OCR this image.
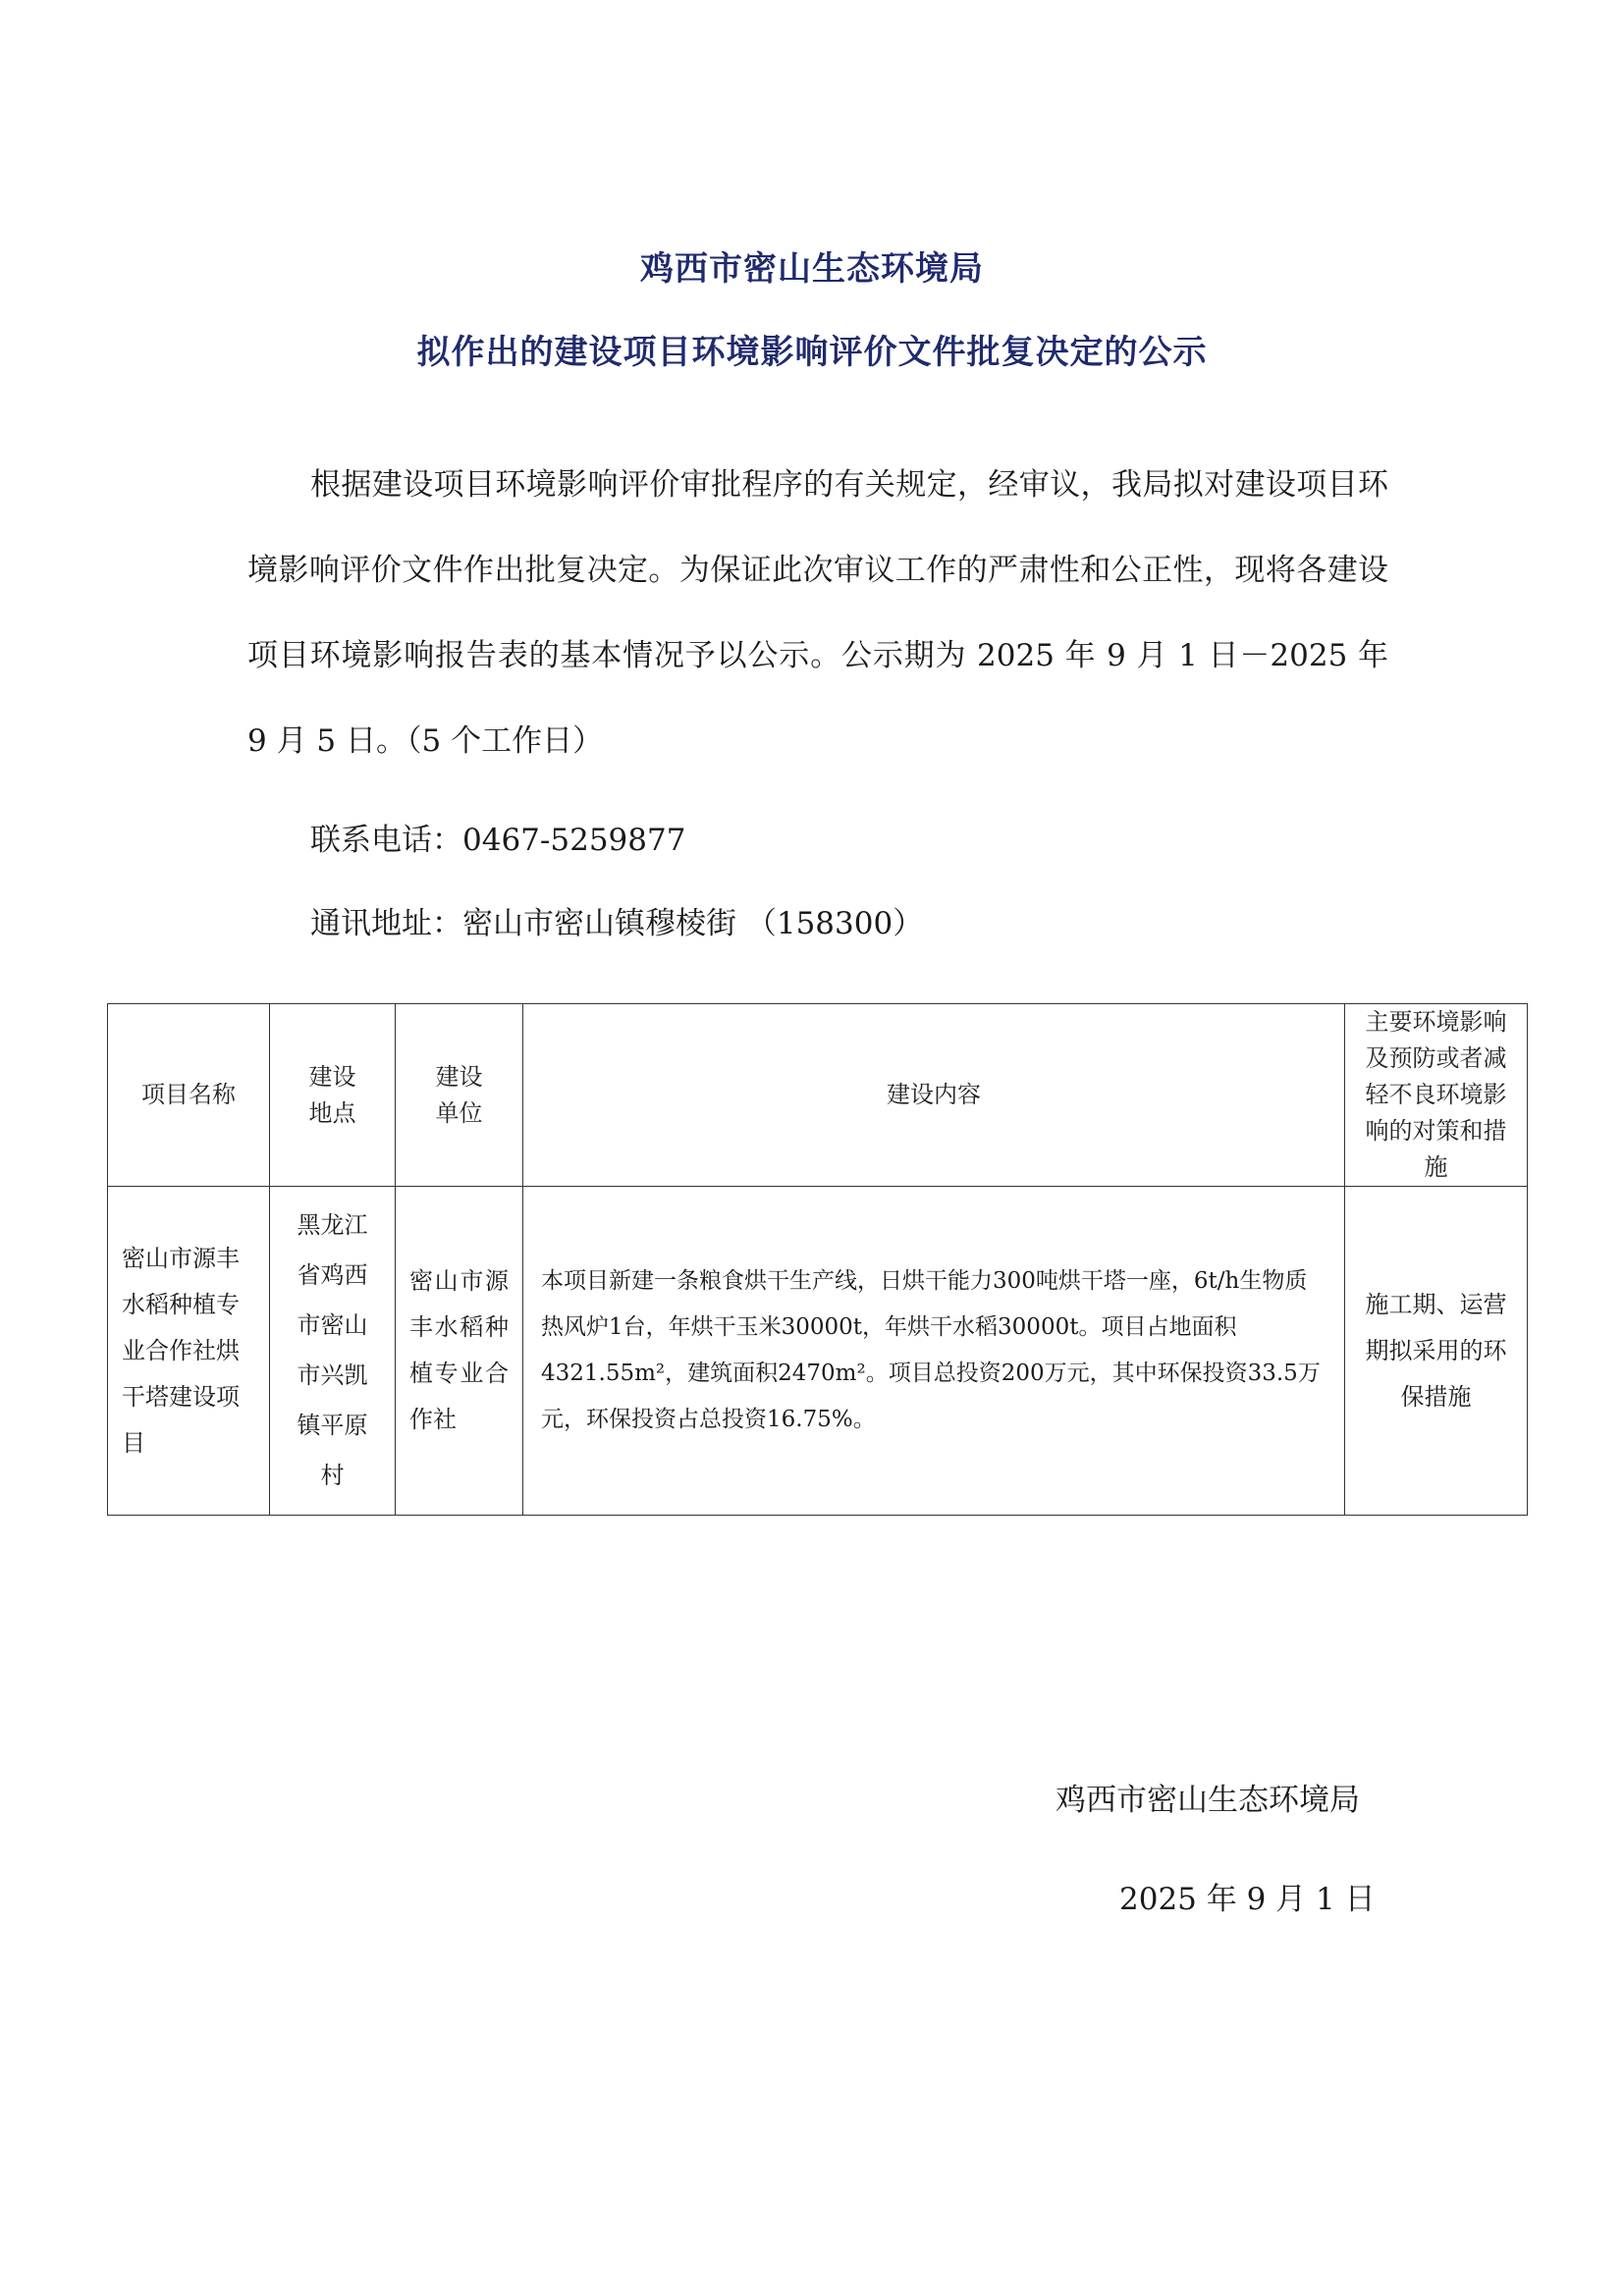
鸡西市密山生态环境局
拟作出的建设项目环境影响评价文件批复决定的公示
根据建设项目环境影响评价审批程序的有关规定，经审议，我局拟对建设项目环境影响评价文件作出批复决定。为保证此次审议工作的严肃性和公正性，现将各建设项目环境影响报告表的基本情况予以公示。公示期为 2025 年 9 月 1 日－2025 年 9 月 5 日。（5 个工作日）
联系电话：0467-5259877
通讯地址：密山市密山镇穆棱街 （158300）
项目名称	建设地点	建设单位	建设内容	主要环境影响及预防或者减轻不良环境影响的对策和措施
密山市源丰水稻种植专业合作社烘干塔建设项目	黑龙江省鸡西市密山市兴凯镇平原村	密山市源丰水稻种植专业合作社	本项目新建一条粮食烘干生产线，日烘干能力300吨烘干塔一座，6t/h生物质热风炉1台，年烘干玉米30000t，年烘干水稻30000t。项目占地面积4321.55m²，建筑面积2470m²。项目总投资200万元，其中环保投资33.5万元，环保投资占总投资16.75%。	施工期、运营期拟采用的环保措施
鸡西市密山生态环境局
2025 年 9 月 1 日
